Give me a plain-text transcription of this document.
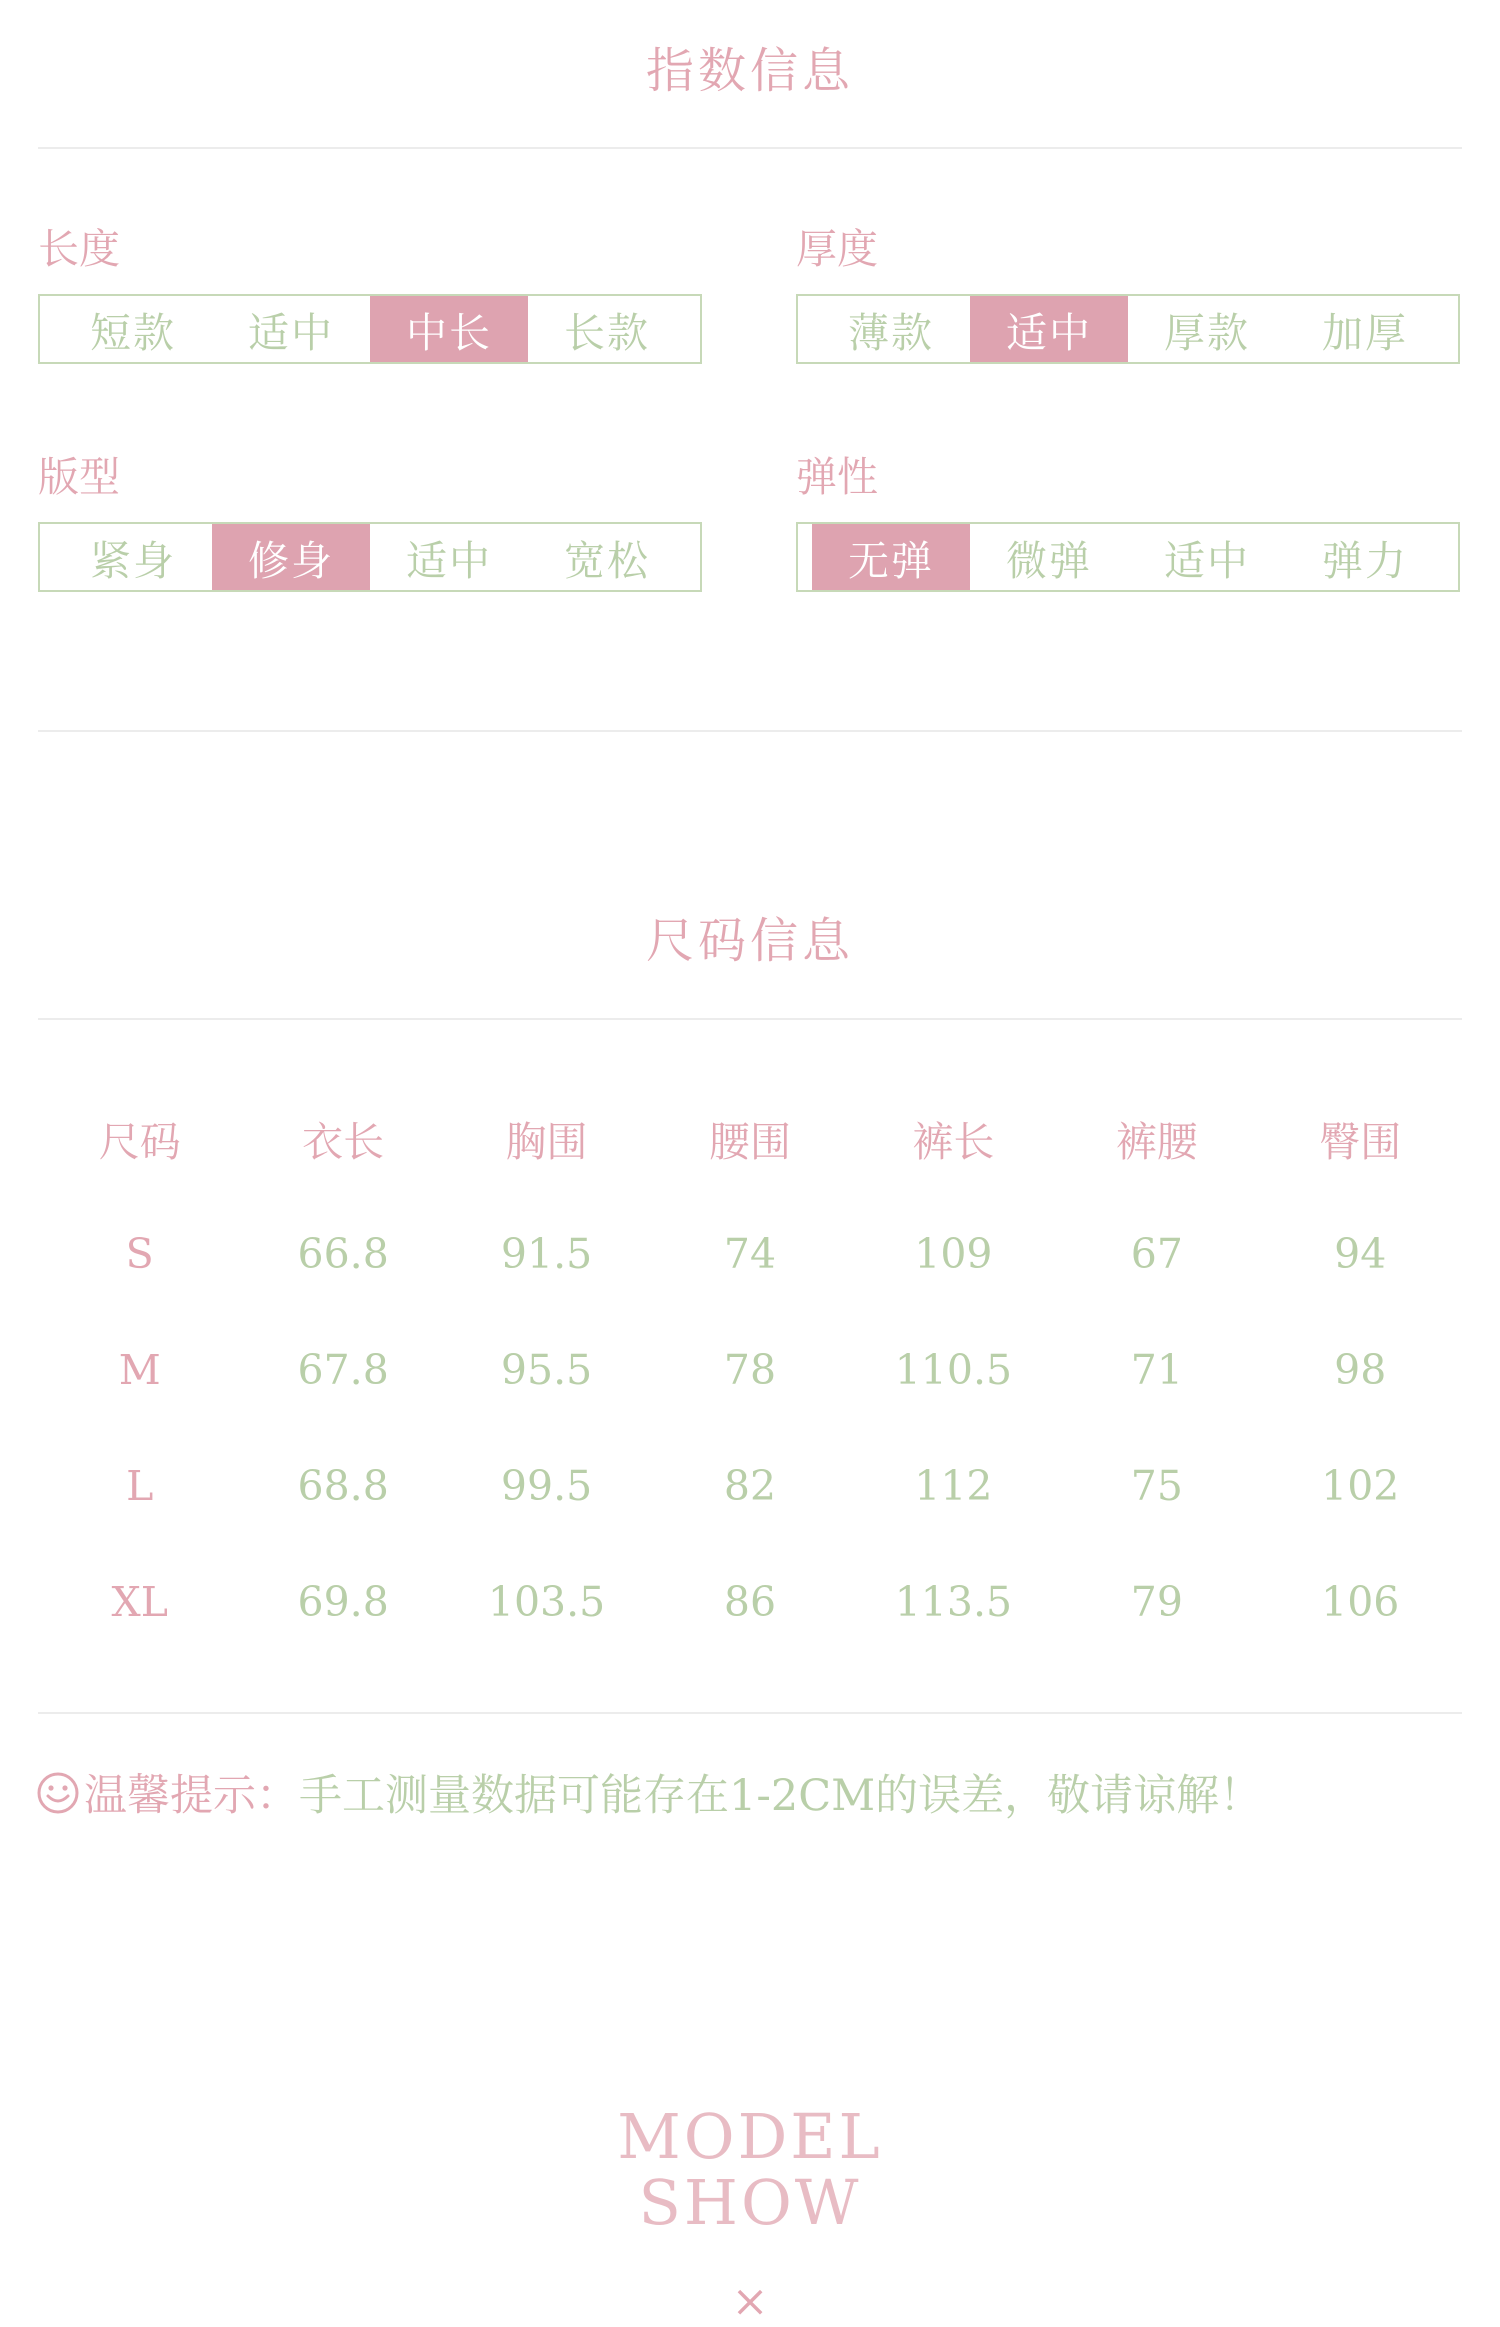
指数信息
长度
短款	适中	中长	长款
厚度
薄款	适中	厚款	加厚
版型
紧身	修身	适中	宽松
弹性
无弹	微弹	适中	弹力
尺码信息
尺码	衣长	胸围	腰围	裤长	裤腰	臀围
S	66.8	91.5	74	109	67	94
M	67.8	95.5	78	110.5	71	98
L	68.8	99.5	82	112	75	102
XL	69.8	103.5	86	113.5	79	106
温馨提示： 手工测量数据可能存在1-2CM的误差，敬请谅解！
MODEL
SHOW
×
